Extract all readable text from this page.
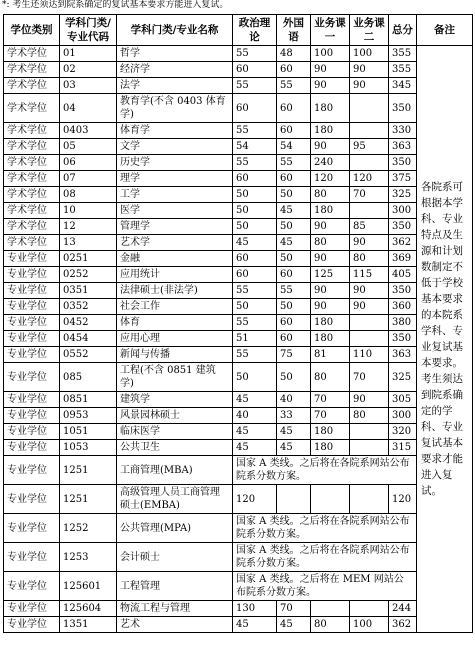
*: 考生还须达到院系确定的复试基本要求方能进入复试。
学位类别	学科门类/专业代码	学科门类/专业名称	政治理论	外国语	业务课一	业务课二	总分	备注
学术学位	01	哲学	55	48	100	100	355	各院系可根据本学科、专业特点及生源和计划数制定不低于学校基本要求的本院系学科、专业复试基本要求。考生须达到院系确定的学科、专业复试基本要求才能进入复试。
学术学位	02	经济学	60	60	90	90	355	
学术学位	03	法学	55	55	90	90	345	
学术学位	04	教育学(不含 0403 体育学)	60	60	180		350	
学术学位	0403	体育学	55	60	180		330	
学术学位	05	文学	54	54	90	95	363	
学术学位	06	历史学	55	55	240		350	
学术学位	07	理学	60	60	120	120	375	
学术学位	08	工学	50	50	80	70	325	
学术学位	10	医学	50	45	180		300	
学术学位	12	管理学	50	50	90	85	350	
学术学位	13	艺术学	45	45	80	90	362	
专业学位	0251	金融	60	50	90	80	369	
专业学位	0252	应用统计	60	60	125	115	405	
专业学位	0351	法律硕士(非法学)	55	55	90	90	350	
专业学位	0352	社会工作	50	50	90	90	360	
专业学位	0452	体育	55	60	180		380	
专业学位	0454	应用心理	51	60	180		350	
专业学位	0552	新闻与传播	55	75	81	110	363	
专业学位	085	工程(不含 0851 建筑学)	50	50	80	70	325	
专业学位	0851	建筑学	45	40	70	90	305	
专业学位	0953	风景园林硕士	40	33	70	80	300	
专业学位	1051	临床医学	45	45	180		320	
专业学位	1053	公共卫生	45	45	180		315	
专业学位	1251	工商管理(MBA)	国家 A 类线。之后将在各院系网站公布院系分数方案。					
专业学位	1251	高级管理人员工商管理硕士(EMBA)	120				120	
专业学位	1252	公共管理(MPA)	国家 A 类线。之后将在各院系网站公布院系分数方案。					
专业学位	1253	会计硕士	国家 A 类线。之后将在各院系网站公布院系分数方案。					
专业学位	125601	工程管理	国家 A 类线。之后将在 MEM 网站公布院系分数方案。					
专业学位	125604	物流工程与管理	130	70			244	
专业学位	1351	艺术	45	45	80	100	362	
